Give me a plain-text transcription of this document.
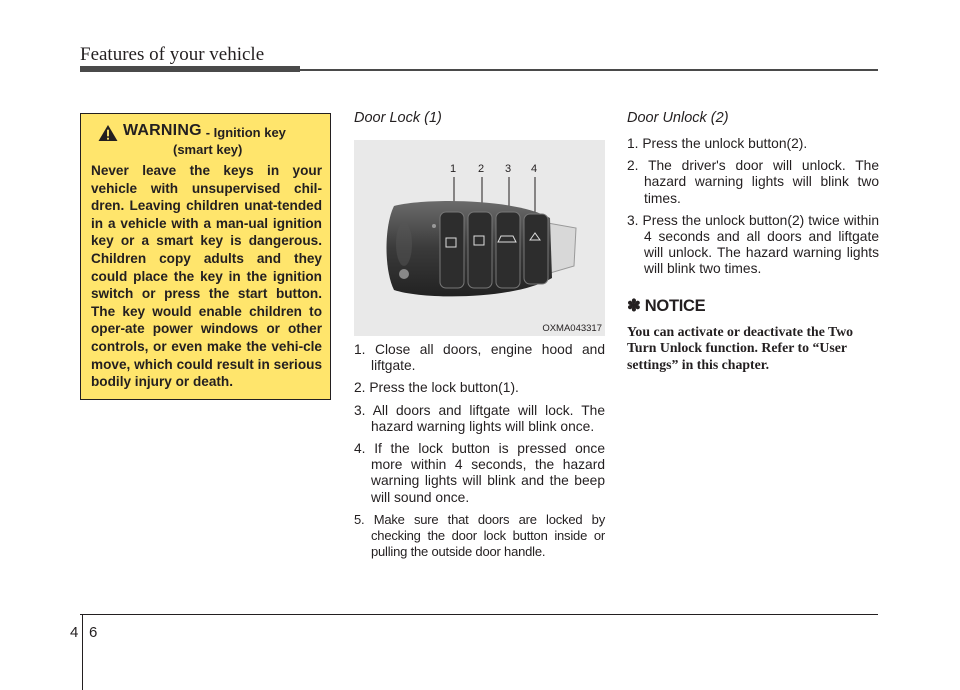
Features of your vehicle
WARNING - Ignition key
(smart key)
Never leave the keys in your vehicle with unsupervised chil-dren. Leaving children unat-tended in a vehicle with a man-ual ignition key or a smart key is dangerous. Children copy adults and they could place the key in the ignition switch or press the start button. The key would enable children to oper-ate power windows or other controls, or even make the vehi-cle move, which could result in serious bodily injury or death.
Door Lock (1)
1 2 3 4
OXMA043317
1. Close all doors, engine hood and liftgate.
2. Press the lock button(1).
3. All doors and liftgate will lock. The hazard warning lights will blink once.
4. If the lock button is pressed once more within 4 seconds, the hazard warning lights will blink and the beep will sound once.
5. Make sure that doors are locked by checking the door lock button inside or pulling the outside door handle.
Door Unlock (2)
1. Press the unlock button(2).
2. The driver's door will unlock. The hazard warning lights will blink two times.
3. Press the unlock button(2) twice within 4 seconds and all doors and liftgate will unlock. The hazard warning lights will blink two times.
✽ NOTICE
You can activate or deactivate the Two Turn Unlock function. Refer to “User settings” in this chapter.
4 6
